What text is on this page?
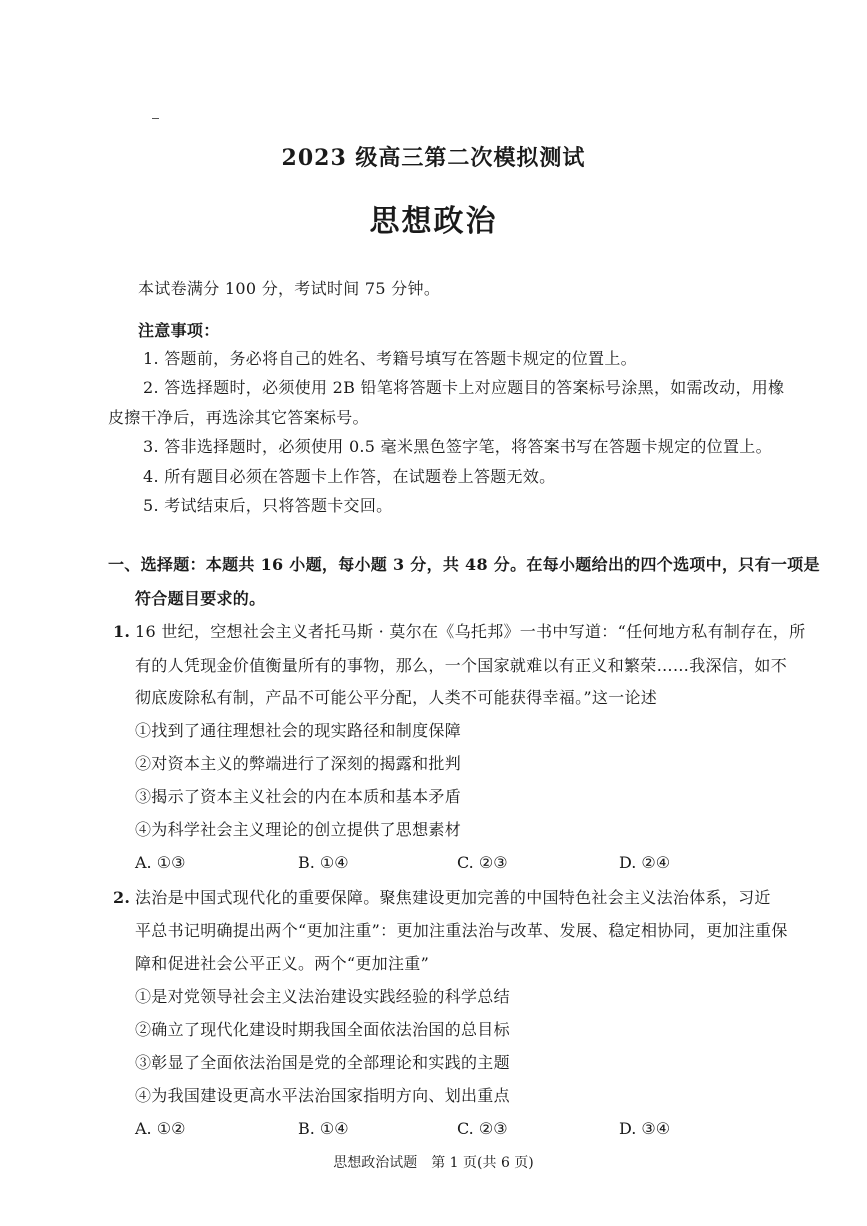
2023 级高三第二次模拟测试
思想政治
本试卷满分 100 分，考试时间 75 分钟。
注意事项：
1. 答题前，务必将自己的姓名、考籍号填写在答题卡规定的位置上。
2. 答选择题时，必须使用 2B 铅笔将答题卡上对应题目的答案标号涂黑，如需改动，用橡
皮擦干净后，再选涂其它答案标号。
3. 答非选择题时，必须使用 0.5 毫米黑色签字笔，将答案书写在答题卡规定的位置上。
4. 所有题目必须在答题卡上作答，在试题卷上答题无效。
5. 考试结束后，只将答题卡交回。
一、选择题：本题共 16 小题，每小题 3 分，共 48 分。在每小题给出的四个选项中，只有一项是
符合题目要求的。
1. 16 世纪，空想社会主义者托马斯 · 莫尔在《乌托邦》一书中写道：“任何地方私有制存在，所
有的人凭现金价值衡量所有的事物，那么，一个国家就难以有正义和繁荣……我深信，如不
彻底废除私有制，产品不可能公平分配，人类不可能获得幸福。”这一论述
①找到了通往理想社会的现实路径和制度保障
②对资本主义的弊端进行了深刻的揭露和批判
③揭示了资本主义社会的内在本质和基本矛盾
④为科学社会主义理论的创立提供了思想素材
A. ①③	B. ①④	C. ②③	D. ②④
2. 法治是中国式现代化的重要保障。聚焦建设更加完善的中国特色社会主义法治体系，习近
平总书记明确提出两个“更加注重”：更加注重法治与改革、发展、稳定相协同，更加注重保
障和促进社会公平正义。两个“更加注重”
①是对党领导社会主义法治建设实践经验的科学总结
②确立了现代化建设时期我国全面依法治国的总目标
③彰显了全面依法治国是党的全部理论和实践的主题
④为我国建设更高水平法治国家指明方向、划出重点
A. ①②	B. ①④	C. ②③	D. ③④
思想政治试题　第 1 页(共 6 页)
